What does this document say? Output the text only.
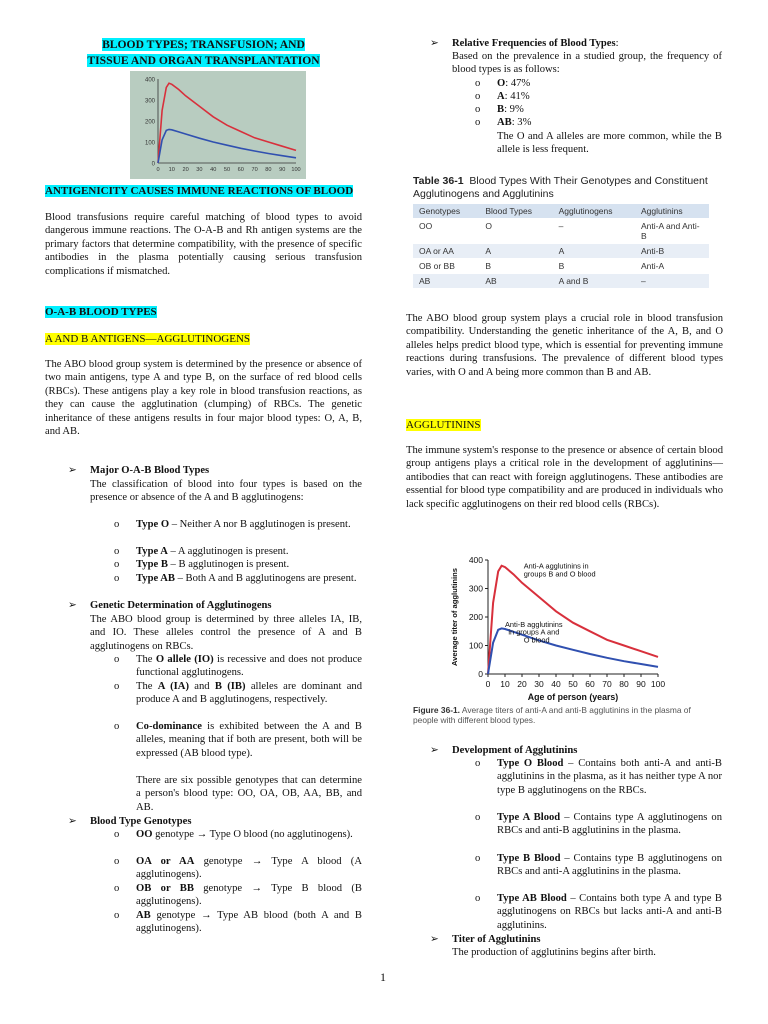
BLOOD TYPES; TRANSFUSION; AND
TISSUE AND ORGAN TRANSPLANTATION
400
300
200
100
0
0 10 20 30 40 50 60 70 80 90 100
ANTIGENICITY CAUSES IMMUNE REACTIONS OF BLOOD

Blood transfusions require careful matching of blood types to avoid dangerous immune reactions. The O-A-B and Rh antigen systems are the primary factors that determine compatibility, with the presence of specific antibodies in the plasma potentially causing serious transfusion complications if mismatched.

O-A-B BLOOD TYPES
A AND B ANTIGENS—AGGLUTINOGENS

The ABO blood group system is determined by the presence or absence of two main antigens, type A and type B, on the surface of red blood cells (RBCs). These antigens play a key role in blood transfusion reactions, as they can cause the agglutination (clumping) of RBCs. The genetic inheritance of these antigens results in four major blood types: O, A, B, and AB.

➢ Major O-A-B Blood Types

The classification of blood into four types is based on the presence or absence of the A and B agglutinogens:

o Type O – Neither A nor B agglutinogen is present.
o Type A – A agglutinogen is present.
o Type B – B agglutinogen is present.
o Type AB – Both A and B agglutinogens are present.
➢ Genetic Determination of Agglutinogens

The ABO blood group is determined by three alleles IA, IB, and IO. These alleles control the presence of A and B agglutinogens on RBCs.

o The O allele (IO) is recessive and does not produce functional agglutinogens.
o The A (IA) and B (IB) alleles are dominant and produce A and B agglutinogens, respectively.
o Co-dominance is exhibited between the A and B alleles, meaning that if both are present, both will be expressed (AB blood type).

There are six possible genotypes that can determine a person's blood type: OO, OA, OB, AA, BB, and AB.

➢ Blood Type Genotypes
o OO genotype → Type O blood (no agglutinogens).
o OA or AA genotype → Type A blood (A agglutinogens).
o OB or BB genotype → Type B blood (B agglutinogens).
o AB genotype → Type AB blood (both A and B agglutinogens).
➢ Relative Frequencies of Blood Types:

Based on the prevalence in a studied group, the frequency of blood types is as follows:

o O: 47%
o A: 41%
o B: 9%
o AB: 3%

The O and A alleles are more common, while the B allele is less frequent.

Table 36-1 Blood Types With Their Genotypes and Constituent Agglutinogens and Agglutinins
Genotypes	Blood Types	Agglutinogens	Agglutinins
OO	O	–	Anti-A and Anti-B
OA or AA	A	A	Anti-B
OB or BB	B	B	Anti-A
AB	AB	A and B	–

The ABO blood group system plays a crucial role in blood transfusion compatibility. Understanding the genetic inheritance of the A, B, and O alleles helps predict blood type, which is essential for preventing immune reactions during transfusions. The prevalence of different blood types varies, with O and A being more common than B and AB.

AGGLUTININS

The immune system's response to the presence or absence of certain blood group antigens plays a critical role in the development of agglutinins—antibodies that can react with foreign agglutinogens. These antibodies are essential for blood type compatibility and are produced in individuals who lack specific agglutinogens on their red blood cells (RBCs).

0 10 20 30 40 50 60 70 80 90 100
0
100
200
300
400
Age of person (years)
Average titer of agglutinins
Anti-A agglutinins in
groups B and O blood
Anti-B agglutinins
in groups A and
O blood
Figure 36-1. Average titers of anti-A and anti-B agglutinins in the plasma of people with different blood types.
➢ Development of Agglutinins
o Type O Blood – Contains both anti-A and anti-B agglutinins in the plasma, as it has neither type A nor type B agglutinogens on the RBCs.
o Type A Blood – Contains type A agglutinogens on RBCs and anti-B agglutinins in the plasma.
o Type B Blood – Contains type B agglutinogens on RBCs and anti-A agglutinins in the plasma.
o Type AB Blood – Contains both type A and type B agglutinogens on RBCs but lacks anti-A and anti-B agglutinins.
➢ Titer of Agglutinins

The production of agglutinins begins after birth.

1
